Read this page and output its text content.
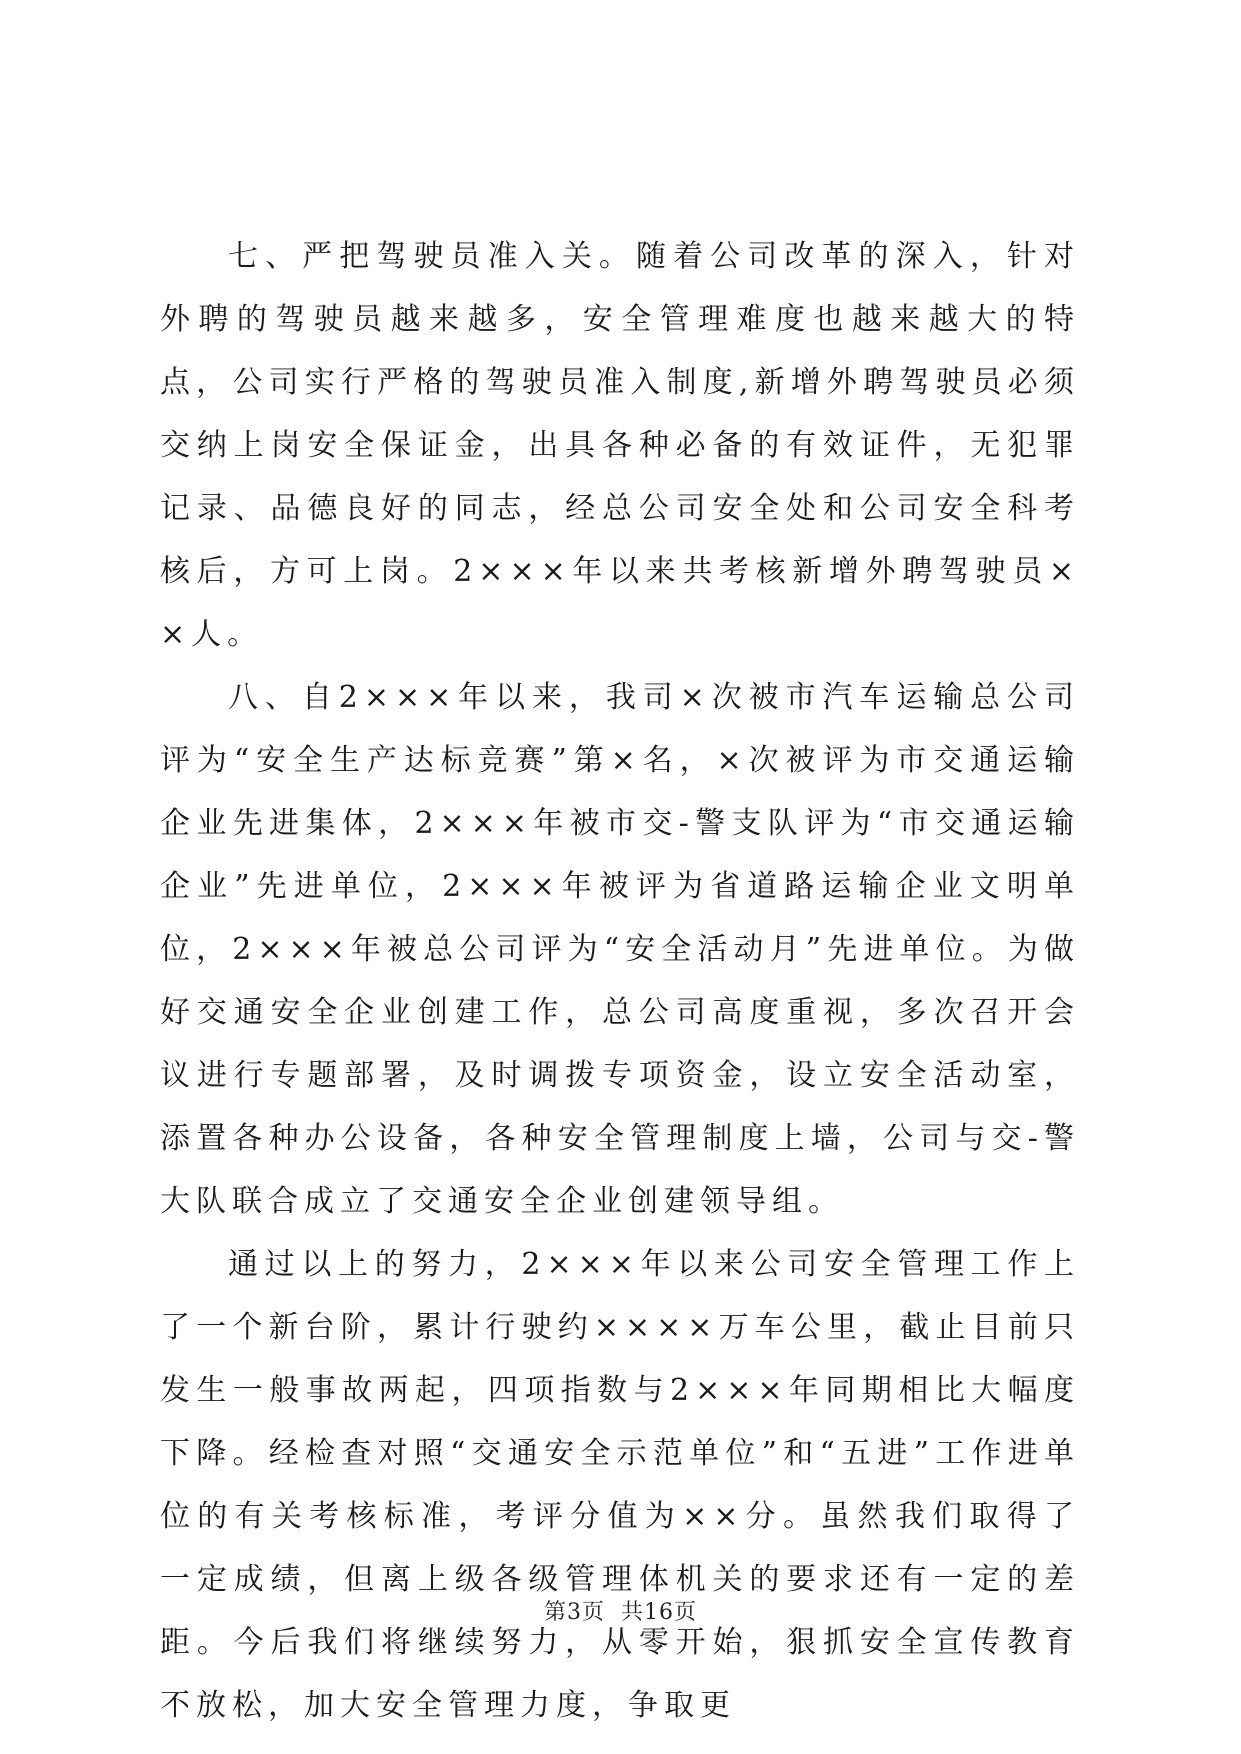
七、严把驾驶员准入关。随着公司改革的深入，针对外聘的驾驶员越来越多，安全管理难度也越来越大的特点，公司实行严格的驾驶员准入制度,新增外聘驾驶员必须交纳上岗安全保证金，出具各种必备的有效证件，无犯罪记录、品德良好的同志，经总公司安全处和公司安全科考核后，方可上岗。2×××年以来共考核新增外聘驾驶员××人。

八、自2×××年以来，我司×次被市汽车运输总公司评为“安全生产达标竞赛”第×名，×次被评为市交通运输企业先进集体，2×××年被市交-警支队评为“市交通运输企业”先进单位，2×××年被评为省道路运输企业文明单位，2×××年被总公司评为“安全活动月”先进单位。为做好交通安全企业创建工作，总公司高度重视，多次召开会议进行专题部署，及时调拨专项资金，设立安全活动室，添置各种办公设备，各种安全管理制度上墙，公司与交-警大队联合成立了交通安全企业创建领导组。

通过以上的努力，2×××年以来公司安全管理工作上了一个新台阶，累计行驶约××××万车公里，截止目前只发生一般事故两起，四项指数与2×××年同期相比大幅度下降。经检查对照“交通安全示范单位”和“五进”工作进单位的有关考核标准，考评分值为××分。虽然我们取得了一定成绩，但离上级各级管理体机关的要求还有一定的差距。今后我们将继续努力，从零开始，狠抓安全宣传教育不放松，加大安全管理力度，争取更

第3页  共16页
